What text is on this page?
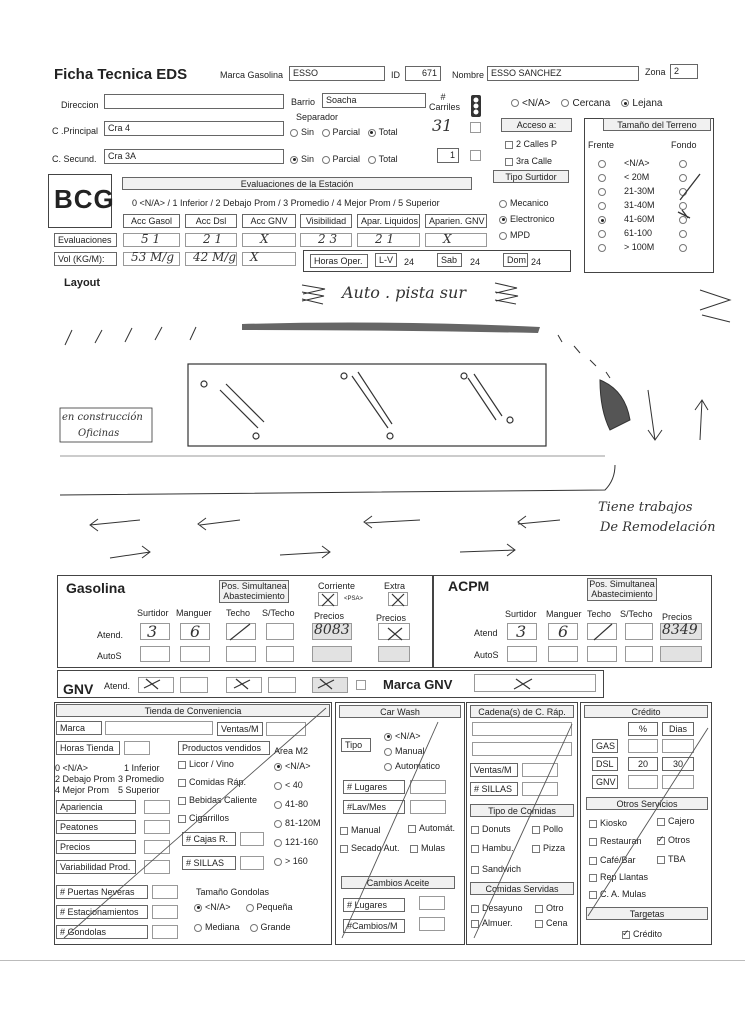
Ficha Tecnica EDS	Marca Gasolina	ESSO	ID	671	Nombre ESSO SANCHEZ	Zona 2
Direccion	Barrio	Soacha
Separador
# Carriles
C .Principal	Cra 4	Sin Parcial Total 31
C. Secund.	Cra 3A	Sin Parcial Total	1
<N/A> Cercana Lejana
Acceso a:
2 Calles P
3ra Calle
Tipo Surtidor
Mecanico
Electronico
MPD
Tamaño del Terreno
Frente	Fondo
<N/A>
< 20M
21-30M
31-40M
41-60M
61-100
> 100M
BCG	Evaluaciones de la Estación
0 <N/A> / 1 Inferior / 2 Debajo Prom / 3 Promedio / 4 Mejor Prom / 5 Superior
Acc Gasol	Acc Dsl	Acc GNV	Visibilidad	Apar. Liquidos	Aparien. GNV
Evaluaciones
Vol (KG/M):
5 1	2 1	X	2 3	2 1	X
53 M/g 42 M/g X	Horas Oper.	L-V	24	Sab	24	Dom 24
Layout	Auto . pista sur
en construcción
Oficinas
Tiene trabajos
De Remodelación
Gasolina	Pos. Simultanea Abastecimiento
Corriente	Extra
<PSA>
Surtidor Manguer Techo S/Techo Precios	Precios
Atend.
AutoS
3 6	8083
ACPM	Pos. Simultanea Abastecimiento
Surtidor Manguer Techo S/Techo Precios
Atend
AutoS
3 6	8349
GNV Atend.	Marca GNV
Tienda de Conveniencia
Marca	Ventas/M
Horas Tienda	Productos vendidos	Area M2
0 <N/A>	1 Inferior
2 Debajo Prom 3 Promedio
4 Mejor Prom 5 Superior
Apariencia
Peatones
Precios
Variabilidad Prod.
Licor / Vino
Comidas Ráp.
Bebidas Caliente
Cigarrillos
<N/A>
< 40
41-80
81-120M
121-160
> 160
# Cajas R.
# SILLAS
# Puertas Neveras
# Estacionamientos
# Gondolas
Tamaño Gondolas
<N/A>	Pequeña
Mediana Grande
Car Wash
Tipo
<N/A>
Manual
Automatico
# Lugares
#Lav/Mes
Manual	Automát.
Secado Aut.	Mulas
Cambios Aceite
# Lugares
#Cambios/M
Cadena(s) de C. Ráp.
Ventas/M
# SILLAS
Tipo de Comidas
Donuts	Pollo
Hambu.	Pizza
Sandwich
Comidas Servidas
Desayuno	Otro
Almuer.	Cena
Crédito
%	Dias
GAS
DSL	20	30
GNV
Otros Servicios
Kiosko	Cajero
Restauran
✓	Otros
Café/Bar	TBA
Rep Llantas
C. A. Mulas
Targetas
✓Crédito
